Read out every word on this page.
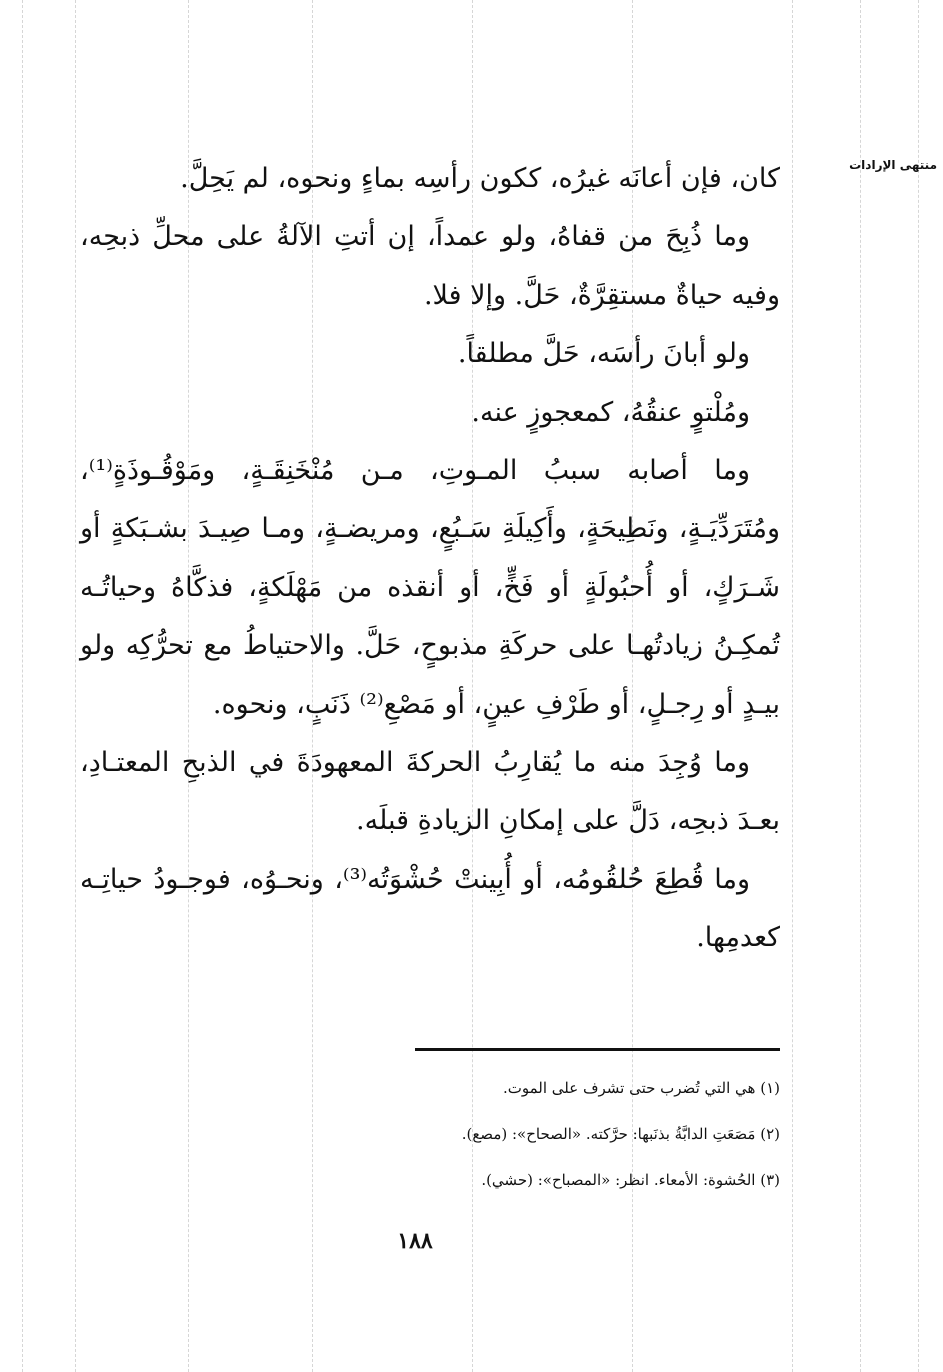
منتهى الإرادات

كان، فإن أعانَه غيرُه، ككون رأسِه بماءٍ ونحوه، لم يَحِلَّ.

وما ذُبِحَ من قفاهُ، ولو عمداً، إن أتتِ الآلةُ على محلِّ ذبحِه، وفيه حياةٌ مستقِرَّةٌ، حَلَّ. وإلا فلا.

ولو أبانَ رأسَه، حَلَّ مطلقاً.

ومُلْتوٍ عنقُهُ، كمعجوزٍ عنه.

وما أصابه سببُ المـوتِ، مـن مُنْخَنِقَـةٍ، ومَوْقُـوذَةٍ⁽¹⁾، ومُتَرَدِّيَـةٍ، ونَطِيحَةٍ، وأَكِيلَةِ سَـبُعٍ، ومريضـةٍ، ومـا صِيـدَ بشـبَكةٍ أو شَـرَكٍ، أو أُحبُولَةٍ أو فَخٍّ، أو أنقذه من مَهْلَكةٍ، فذكَّاهُ وحياتُـه تُمكِـنُ زيادتُهـا على حركَةِ مذبوحٍ، حَلَّ. والاحتياطُ مع تحرُّكِه ولو بيـدٍ أو رِجـلٍ، أو طَرْفِ عينٍ، أو مَصْعِ⁽²⁾ ذَنَبٍ، ونحوه.

وما وُجِدَ منه ما يُقارِبُ الحركةَ المعهودَةَ في الذبحِ المعتـادِ، بعـدَ ذبحِه، دَلَّ على إمكانِ الزيادةِ قبلَه.

وما قُطِعَ حُلقُومُه، أو أُبِينتْ حُشْوَتُه⁽³⁾، ونحـوُه، فوجـودُ حياتِـه كعدمِها.

(١) هي التي تُضرب حتى تشرف على الموت.

(٢) مَصَعَتِ الدابَّةُ بذنَبها: حرَّكته. «الصحاح»: (مصع).

(٣) الحُشوة: الأمعاء. انظر: «المصباح»: (حشي).

١٨٨
